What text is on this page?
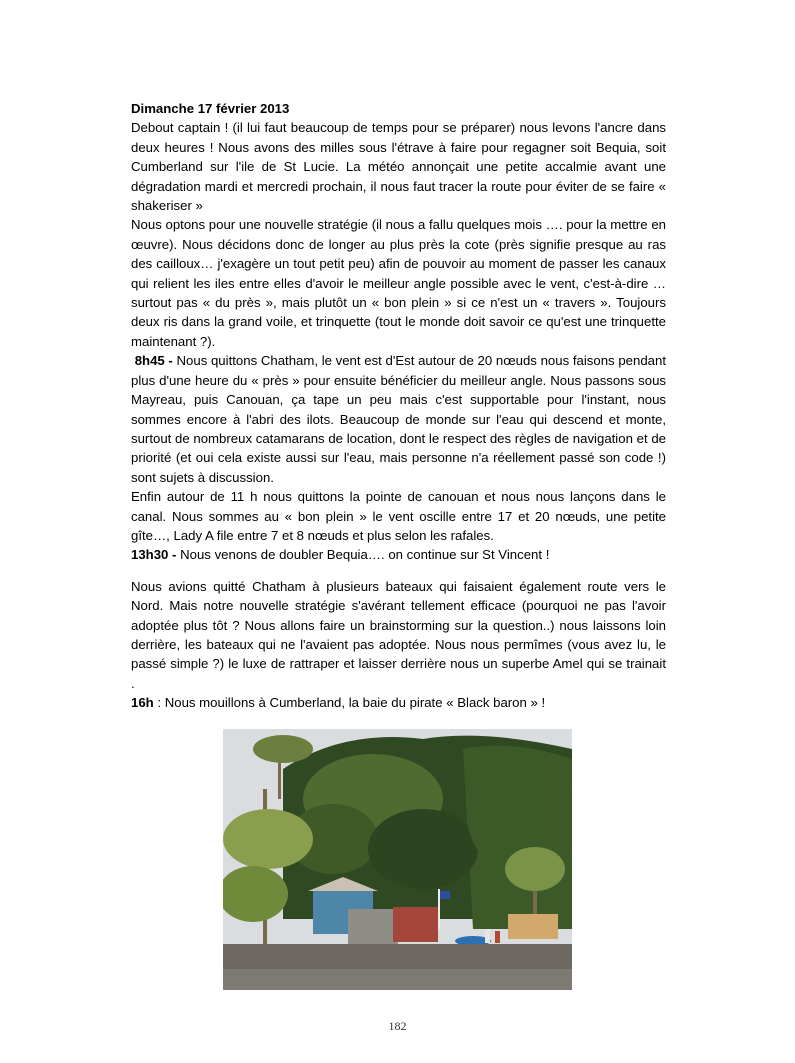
Dimanche 17 février 2013

Debout captain ! (il lui faut beaucoup de temps pour se préparer) nous levons l'ancre dans deux heures ! Nous avons des milles sous l'étrave à faire pour regagner soit Bequia, soit Cumberland sur l'ile de St Lucie. La météo annonçait une petite accalmie avant une dégradation mardi et mercredi prochain, il nous faut tracer la route pour éviter de se faire « shakeriser »

Nous optons pour une nouvelle stratégie (il nous a fallu quelques mois …. pour la mettre en œuvre). Nous décidons donc de longer au plus près la cote (près signifie presque au ras des cailloux… j'exagère un tout petit peu) afin de pouvoir au moment de passer les canaux qui relient les iles entre elles d'avoir le meilleur angle possible avec le vent, c'est-à-dire … surtout pas « du près », mais plutôt un « bon plein » si ce n'est un « travers ». Toujours deux ris dans la grand voile, et trinquette (tout le monde doit savoir ce qu'est une trinquette maintenant ?).

8h45 - Nous quittons Chatham, le vent est d'Est autour de 20 nœuds nous faisons pendant plus d'une heure du « près » pour ensuite bénéficier du meilleur angle. Nous passons sous Mayreau, puis Canouan, ça tape un peu mais c'est supportable pour l'instant, nous sommes encore à l'abri des ilots. Beaucoup de monde sur l'eau qui descend et monte, surtout de nombreux catamarans de location, dont le respect des règles de navigation et de priorité (et oui cela existe aussi sur l'eau, mais personne n'a réellement passé son code !) sont sujets à discussion.

Enfin autour de 11 h nous quittons la pointe de canouan et nous nous lançons dans le canal. Nous sommes au « bon plein » le vent oscille entre 17 et 20 nœuds, une petite gîte…, Lady A file entre 7 et 8 nœuds et plus selon les rafales.

13h30 - Nous venons de doubler Bequia…. on continue sur St Vincent !

Nous avions quitté Chatham à plusieurs bateaux qui faisaient également route vers le Nord. Mais notre nouvelle stratégie s'avérant tellement efficace (pourquoi ne pas l'avoir adoptée plus tôt ? Nous allons faire un brainstorming sur la question..) nous laissons loin derrière, les bateaux qui ne l'avaient pas adoptée. Nous nous permîmes (vous avez lu, le passé simple ?) le luxe de rattraper et laisser derrière nous un superbe Amel qui se trainait .

16h : Nous mouillons à Cumberland, la baie du pirate « Black baron » !

182
